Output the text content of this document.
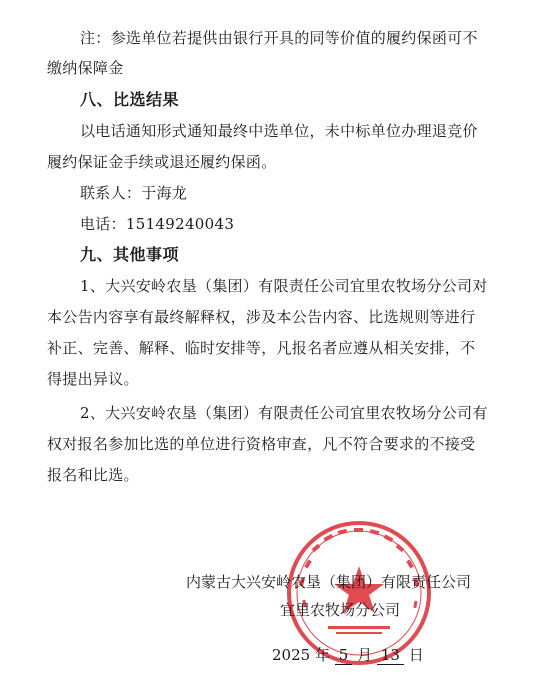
注：参选单位若提供由银行开具的同等价值的履约保函可不
缴纳保障金
八、比选结果
以电话通知形式通知最终中选单位，未中标单位办理退竞价
履约保证金手续或退还履约保函。
联系人：于海龙
电话：15149240043
九、其他事项
1、大兴安岭农垦（集团）有限责任公司宜里农牧场分公司对
本公告内容享有最终解释权，涉及本公告内容、比选规则等进行
补正、完善、解释、临时安排等，凡报名者应遵从相关安排，不
得提出异议。
2、大兴安岭农垦（集团）有限责任公司宜里农牧场分公司有
权对报名参加比选的单位进行资格审查，凡不符合要求的不接受
报名和比选。
内蒙古大兴安岭农垦（集团）有限责任公司
宜里农牧场分公司
2025 年 5 月 13 日
